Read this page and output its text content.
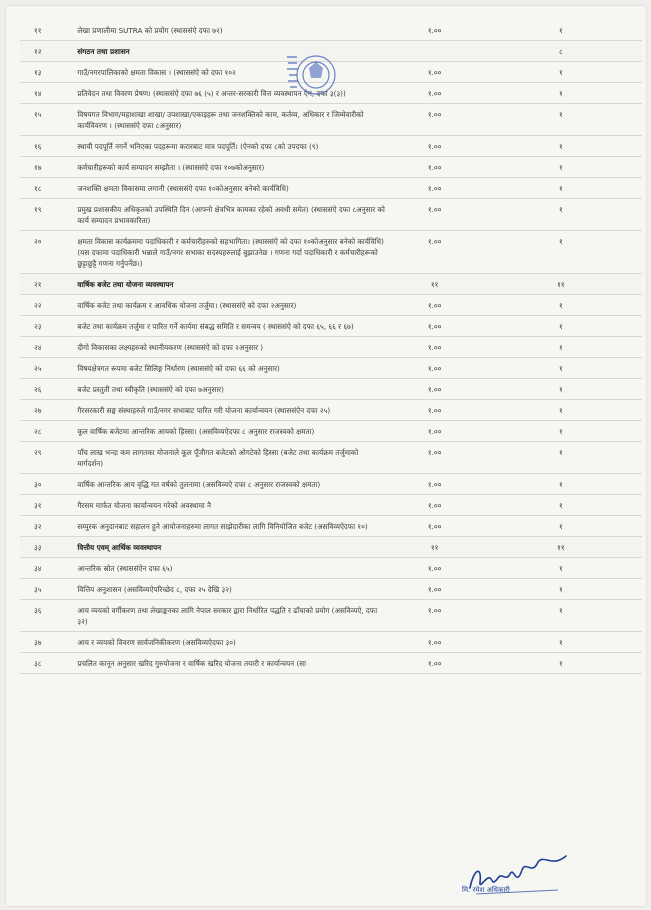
११	लेखा प्रणालीमा SUTRA को प्रयोग (स्थाससंऐ दफा ७२)	१.००	१
१२	संगठन तथा प्रशासन		८
१३	गाउँ/नगरपालिकाको क्षमता विकास । (स्थाससंऐ को दफा १०२	१.००	१
१४	प्रतिवेदन तथा विवरण प्रेषण। (स्थाससंऐ दफा ७६ (५) र अन्तर-सरकारी वित्त व्यवस्थापन ऐन, दफा ३(३))	१.००	१
१५	विषयगत विभाग/महाशाखा शाखा/ उपशाखा/एकाइहरू तथा जनशक्तिको काम, कर्तव्य, अधिकार र जिम्मेवारीको कार्यविवरण । (स्थाससंऐ दफा ८अनुसार)	१.००	१
१६	स्थायी पदपूर्ति नगर्ने भनिएका पदहरूमा करारबाट मात्र पदपूर्ति। (ऐनको दफा ८को उपदफा (९)	१.००	१
१७	कर्मचारीहरूको कार्य सम्पादन सम्झौता । (स्थाससंऐ दफा १०७कोअनुसार)	१.००	१
१८	जनशक्ति क्षमता विकासमा लगानी (स्थाससंऐ दफा १०कोअनुसार बनेको कार्यविधि)	१.००	१
१९	प्रमुख प्रशासकीय अधिकृतको उपस्थिति दिन (आफ्नो क्षेत्रभित्र कामका रहेको अवधी समेत) (स्थाससंऐ दफा ८अनुसार को कार्य सम्पादन प्रभावकारिता)	१.००	१
२०	क्षमता विकास कार्यक्रममा पदाधिकारी र कर्मचारीहरुको सहभागिता। (स्थाससंऐ को दफा १०कोअनुसार बनेको कार्यविधि) (यस दफामा पदाधिकारी भन्नाले गाउँ/नगर सभाका सदस्यहरुलाई बुझाउनेछ । गणना गर्दा पदाधिकारी र कर्मचारीहरूको छुट्टाछुट्टै गणना गर्नुपर्नेछ।)	१.००	१
२१	वार्षिक बजेट तथा योजना व्यवस्थापन	११	११
२२	वार्षिक बजेट तथा कार्यक्रम र आवधिक योजना तर्जुमा। (स्थाससंऐ को दफा २अनुसार)	१.००	१
२३	बजेट तथा कार्यक्रम तर्जुमा र पारित गर्ने कार्यमा संबद्ध समिति र समन्वय ( स्थाससंऐ को दफा ६५, ६६ र ६७)	१.००	१
२४	दीगो विकासका लक्ष्यहरुको स्थानीयकरण (स्थाससंऐ को दफा २अनुसार )	१.००	१
२५	विषयक्षेत्रगत रूपमा बजेट सिलिङ्ग निर्धारण (स्थाससंऐ को दफा ६६ को अनुसार)	१.००	१
२६	बजेट प्रस्तुती तथा स्वीकृति (स्थाससंऐ को दफा ७अनुसार)	१.००	१
२७	गैरसरकारी सङ्घ संस्थाहरुले गाउँ/नगर सभाबाट पारित गरी योजना कार्यान्वयन (स्थाससंऐन दफा २५)	१.००	१
२८	कूल वार्षिक बजेटमा आन्तरिक आयको हिस्सा। (असविव्यऐदफा ८ अनुसार राजस्वको क्षमता)	१.००	१
२९	पाँच लाख भन्दा कम लागतका योजनाले कूल पूँजीगत बजेटको ओगटेको हिस्सा (बजेट तथा कार्यक्रम तर्जुमाको मार्गदर्शन)	१.००	१
३०	वार्षिक आन्तरिक आय वृद्धि गत वर्षको तुलनामा (असविव्यऐ दफा ८ अनुसार राजस्वको क्षमता)	१.००	१
३१	गैरसम मार्फत योजना कार्यान्वयन गरेको अवस्थामा नै	१.००	१
३२	सम्पुरक अनुदानबाट सहालन हुने आयोजनाहरुमा लागत साझेदारीका लागि विनियोजित बजेट (असविव्यऐदफा १०)	१.००	१
३३	वित्तीय एवम् आर्थिक व्यवस्थापन	११	११
३४	आन्तरिक स्रोत (स्थाससंऐन दफा ६५)	१.००	१
३५	वित्तिय अनुशासन (असविव्यऐपरिच्छेद ८, दफा २५ देखि ३२)	१.००	१
३६	आय व्ययको वर्गीकरण तथा लेखाङ्कनका लागि नेपाल सरकार द्वारा निर्धारित पद्धति र ढाँचाको प्रयोग (असविव्यऐ, दफा ३२)	१.००	१
३७	आय र व्ययको विवरण सार्वजनिकीकरण (असविव्यऐदफा ३०)	१.००	१
३८	प्रचलित कानून अनुसार खरिद गुरुयोजना र वार्षिक खरिद योजना तयारी र कार्यान्वयन (सा	१.००	१
मि. रमेश अधिकारी
